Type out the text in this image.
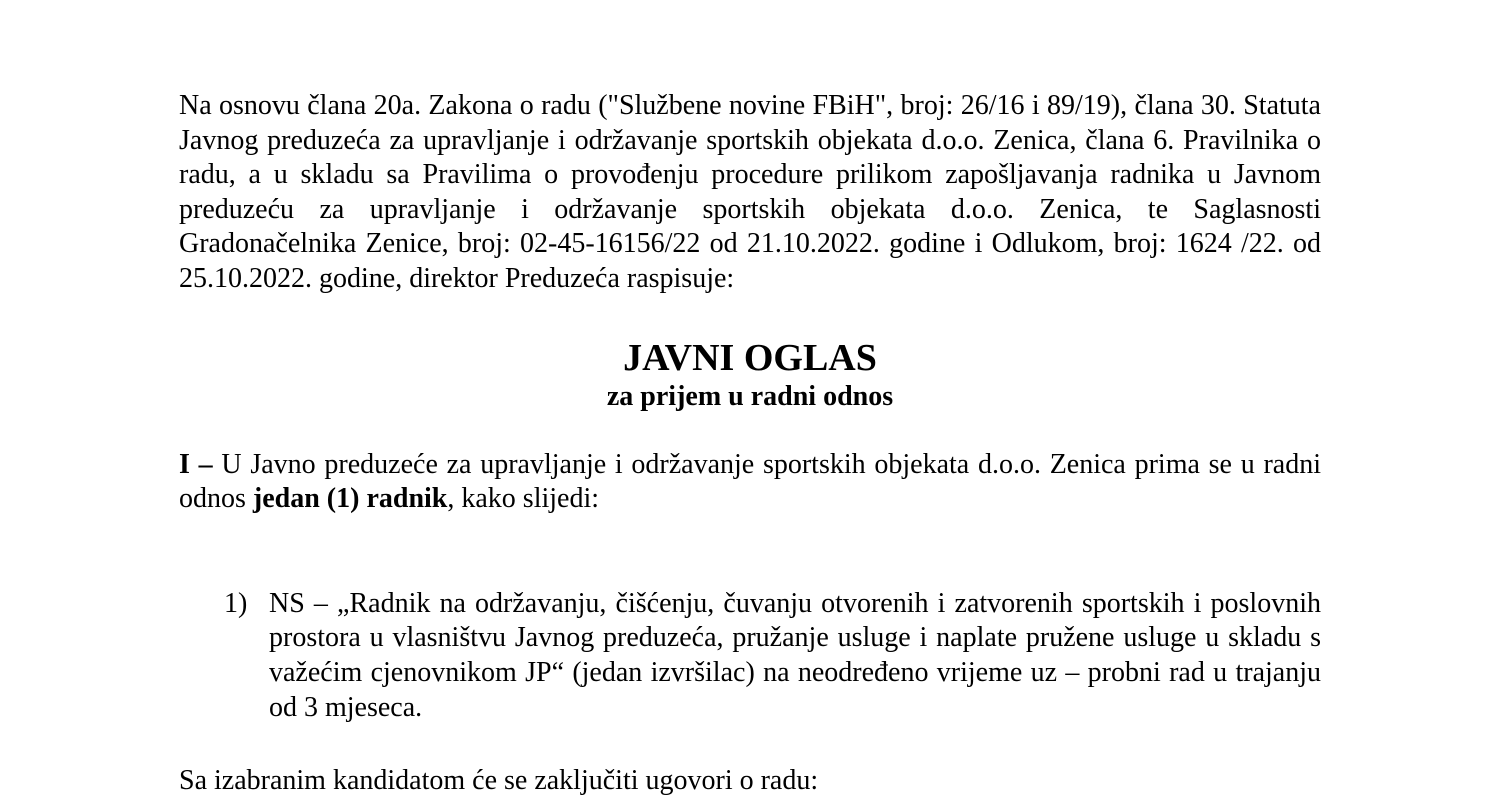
Na osnovu člana 20a. Zakona o radu ("Službene novine FBiH", broj: 26/16 i 89/19), člana 30. Statuta Javnog preduzeća za upravljanje i održavanje sportskih objekata d.o.o. Zenica, člana 6. Pravilnika o radu, a u skladu sa Pravilima o provođenju procedure prilikom zapošljavanja radnika u Javnom preduzeću za upravljanje i održavanje sportskih objekata d.o.o. Zenica, te Saglasnosti Gradonačelnika Zenice, broj: 02-45-16156/22 od 21.10.2022. godine i Odlukom, broj: 1624 /22. od 25.10.2022. godine, direktor Preduzeća raspisuje:

JAVNI OGLAS

za prijem u radni odnos

I – U Javno preduzeće za upravljanje i održavanje sportskih objekata d.o.o. Zenica prima se u radni odnos jedan (1) radnik, kako slijedi:

1) NS – „Radnik na održavanju, čišćenju, čuvanju otvorenih i zatvorenih sportskih i poslovnih prostora u vlasništvu Javnog preduzeća, pružanje usluge i naplate pružene usluge u skladu s važećim cjenovnikom JP“ (jedan izvršilac) na neodređeno vrijeme uz – probni rad u trajanju od 3 mjeseca.

Sa izabranim kandidatom će se zaključiti ugovori o radu:
